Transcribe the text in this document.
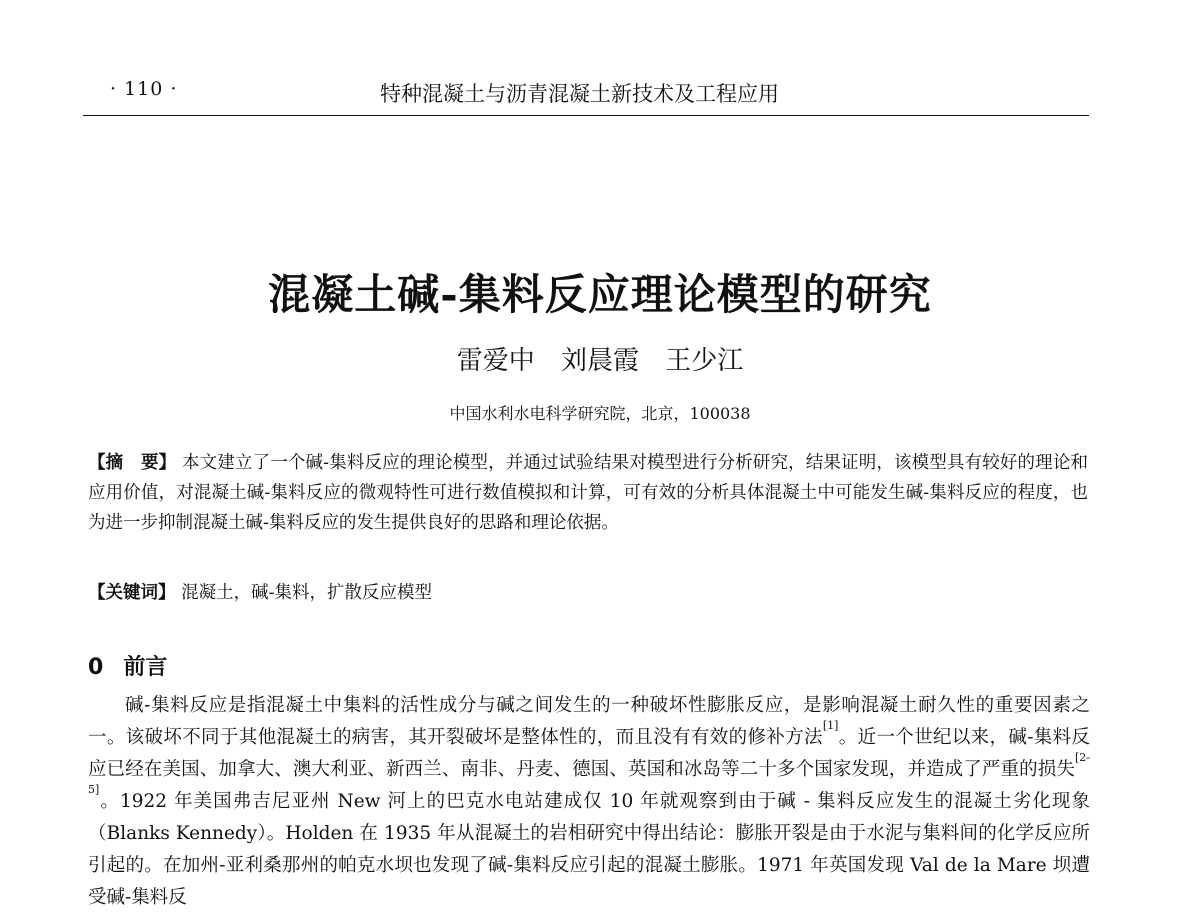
· 110 ·	特种混凝土与沥青混凝土新技术及工程应用
混凝土碱-集料反应理论模型的研究
雷爱中 刘晨霞 王少江
中国水利水电科学研究院，北京，100038
【摘　要】 本文建立了一个碱-集料反应的理论模型，并通过试验结果对模型进行分析研究，结果证明，该模型具有较好的理论和应用价值，对混凝土碱-集料反应的微观特性可进行数值模拟和计算，可有效的分析具体混凝土中可能发生碱-集料反应的程度，也为进一步抑制混凝土碱-集料反应的发生提供良好的思路和理论依据。
【关键词】 混凝土，碱-集料，扩散反应模型
0 前言

碱-集料反应是指混凝土中集料的活性成分与碱之间发生的一种破坏性膨胀反应，是影响混凝土耐久性的重要因素之一。该破坏不同于其他混凝土的病害，其开裂破坏是整体性的，而且没有有效的修补方法[1]。近一个世纪以来，碱-集料反应已经在美国、加拿大、澳大利亚、新西兰、南非、丹麦、德国、英国和冰岛等二十多个国家发现，并造成了严重的损失[2-5]。1922 年美国弗吉尼亚州 New 河上的巴克水电站建成仅 10 年就观察到由于碱 - 集料反应发生的混凝土劣化现象（Blanks Kennedy）。Holden 在 1935 年从混凝土的岩相研究中得出结论：膨胀开裂是由于水泥与集料间的化学反应所引起的。在加州-亚利桑那州的帕克水坝也发现了碱-集料反应引起的混凝土膨胀。1971 年英国发现 Val de la Mare 坝遭受碱-集料反
